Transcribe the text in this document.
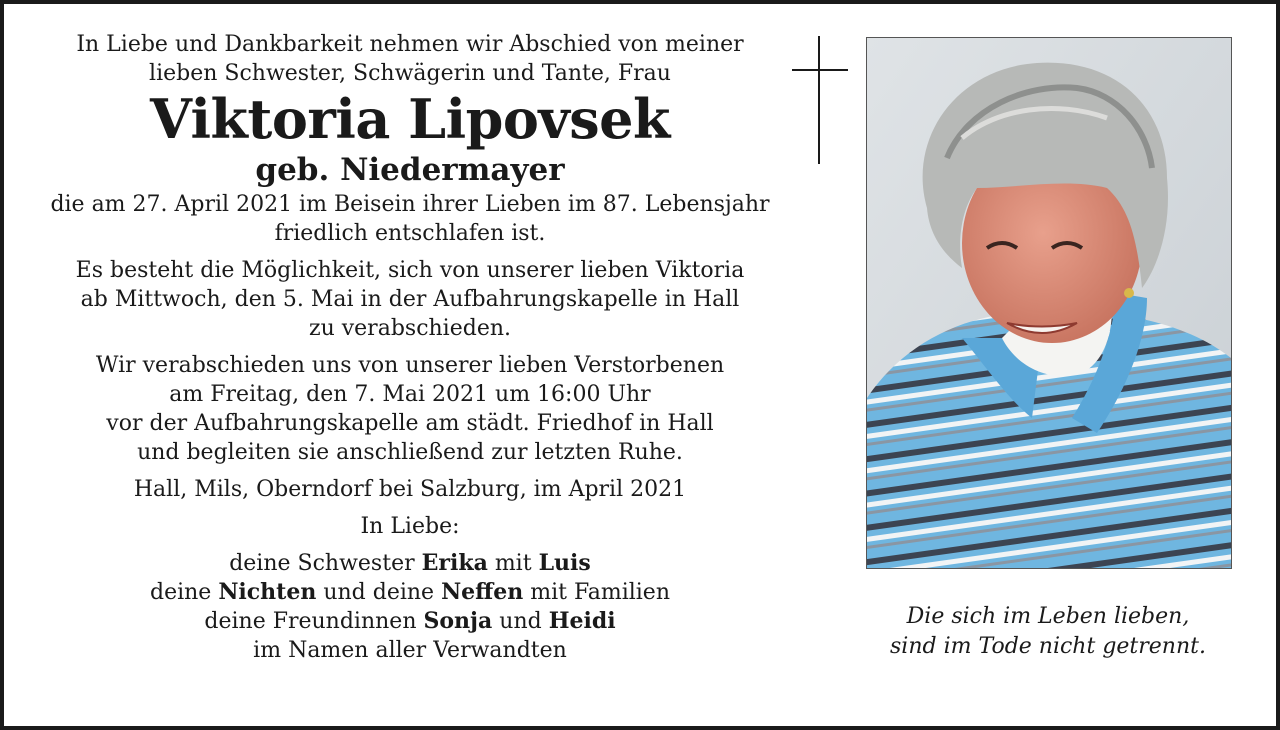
In Liebe und Dankbarkeit nehmen wir Abschied von meiner

lieben Schwester, Schwägerin und Tante, Frau

Viktoria Lipovsek

geb. Niedermayer

die am 27. April 2021 im Beisein ihrer Lieben im 87. Lebensjahr

friedlich entschlafen ist.

Es besteht die Möglichkeit, sich von unserer lieben Viktoria

ab Mittwoch, den 5. Mai in der Aufbahrungskapelle in Hall

zu verabschieden.

Wir verabschieden uns von unserer lieben Verstorbenen

am Freitag, den 7. Mai 2021 um 16:00 Uhr

vor der Aufbahrungskapelle am städt. Friedhof in Hall

und begleiten sie anschließend zur letzten Ruhe.

Hall, Mils, Oberndorf bei Salzburg, im April 2021

In Liebe:

deine Schwester Erika mit Luis

deine Nichten und deine Neffen mit Familien

deine Freundinnen Sonja und Heidi

im Namen aller Verwandten

Die sich im Leben lieben,

sind im Tode nicht getrennt.
